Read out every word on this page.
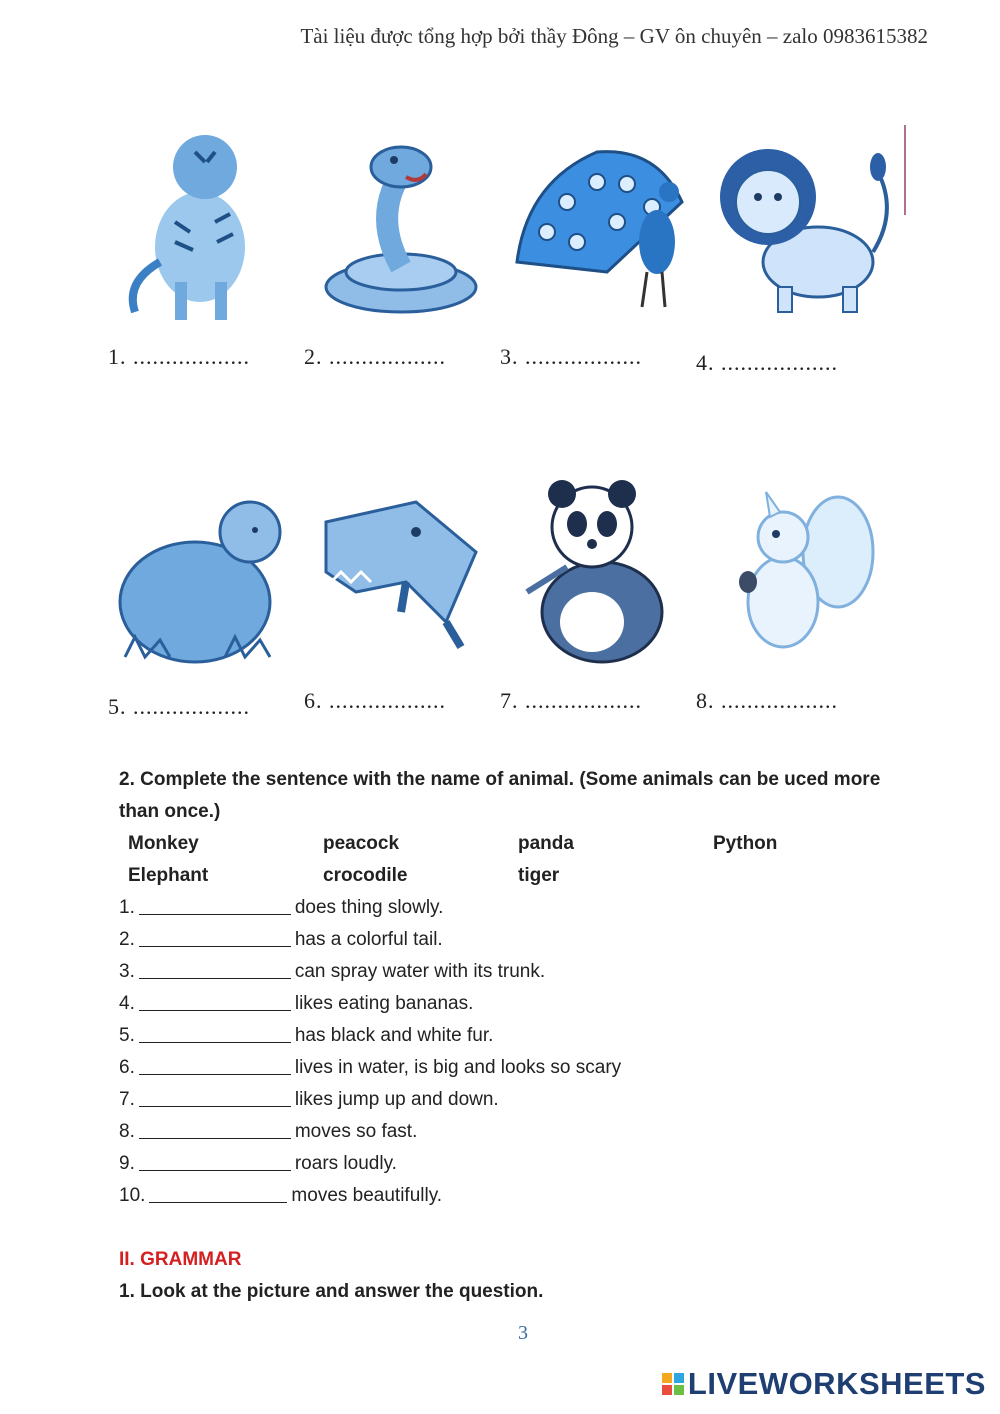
Tài liệu được tổng hợp bởi thầy Đông – GV ôn chuyên – zalo 0983615382
1. ..................	2. ..................	3. ..................	4. ..................
5. ..................	6. ..................	7. ..................	8. ..................
2. Complete the sentence with the name of animal. (Some animals can be uced more than once.)
Monkey	peacock	panda	Python
Elephant	crocodile	tiger
1.	does thing slowly.
2.	has a colorful tail.
3.	can spray water with its trunk.
4.	likes eating bananas.
5.	has black and white fur.
6.	lives in water, is big and looks so scary
7.	likes jump up and down.
8.	moves so fast.
9.	roars loudly.
10.	moves beautifully.
II. GRAMMAR
1. Look at the picture and answer the question.
3
LIVEWORKSHEETS
